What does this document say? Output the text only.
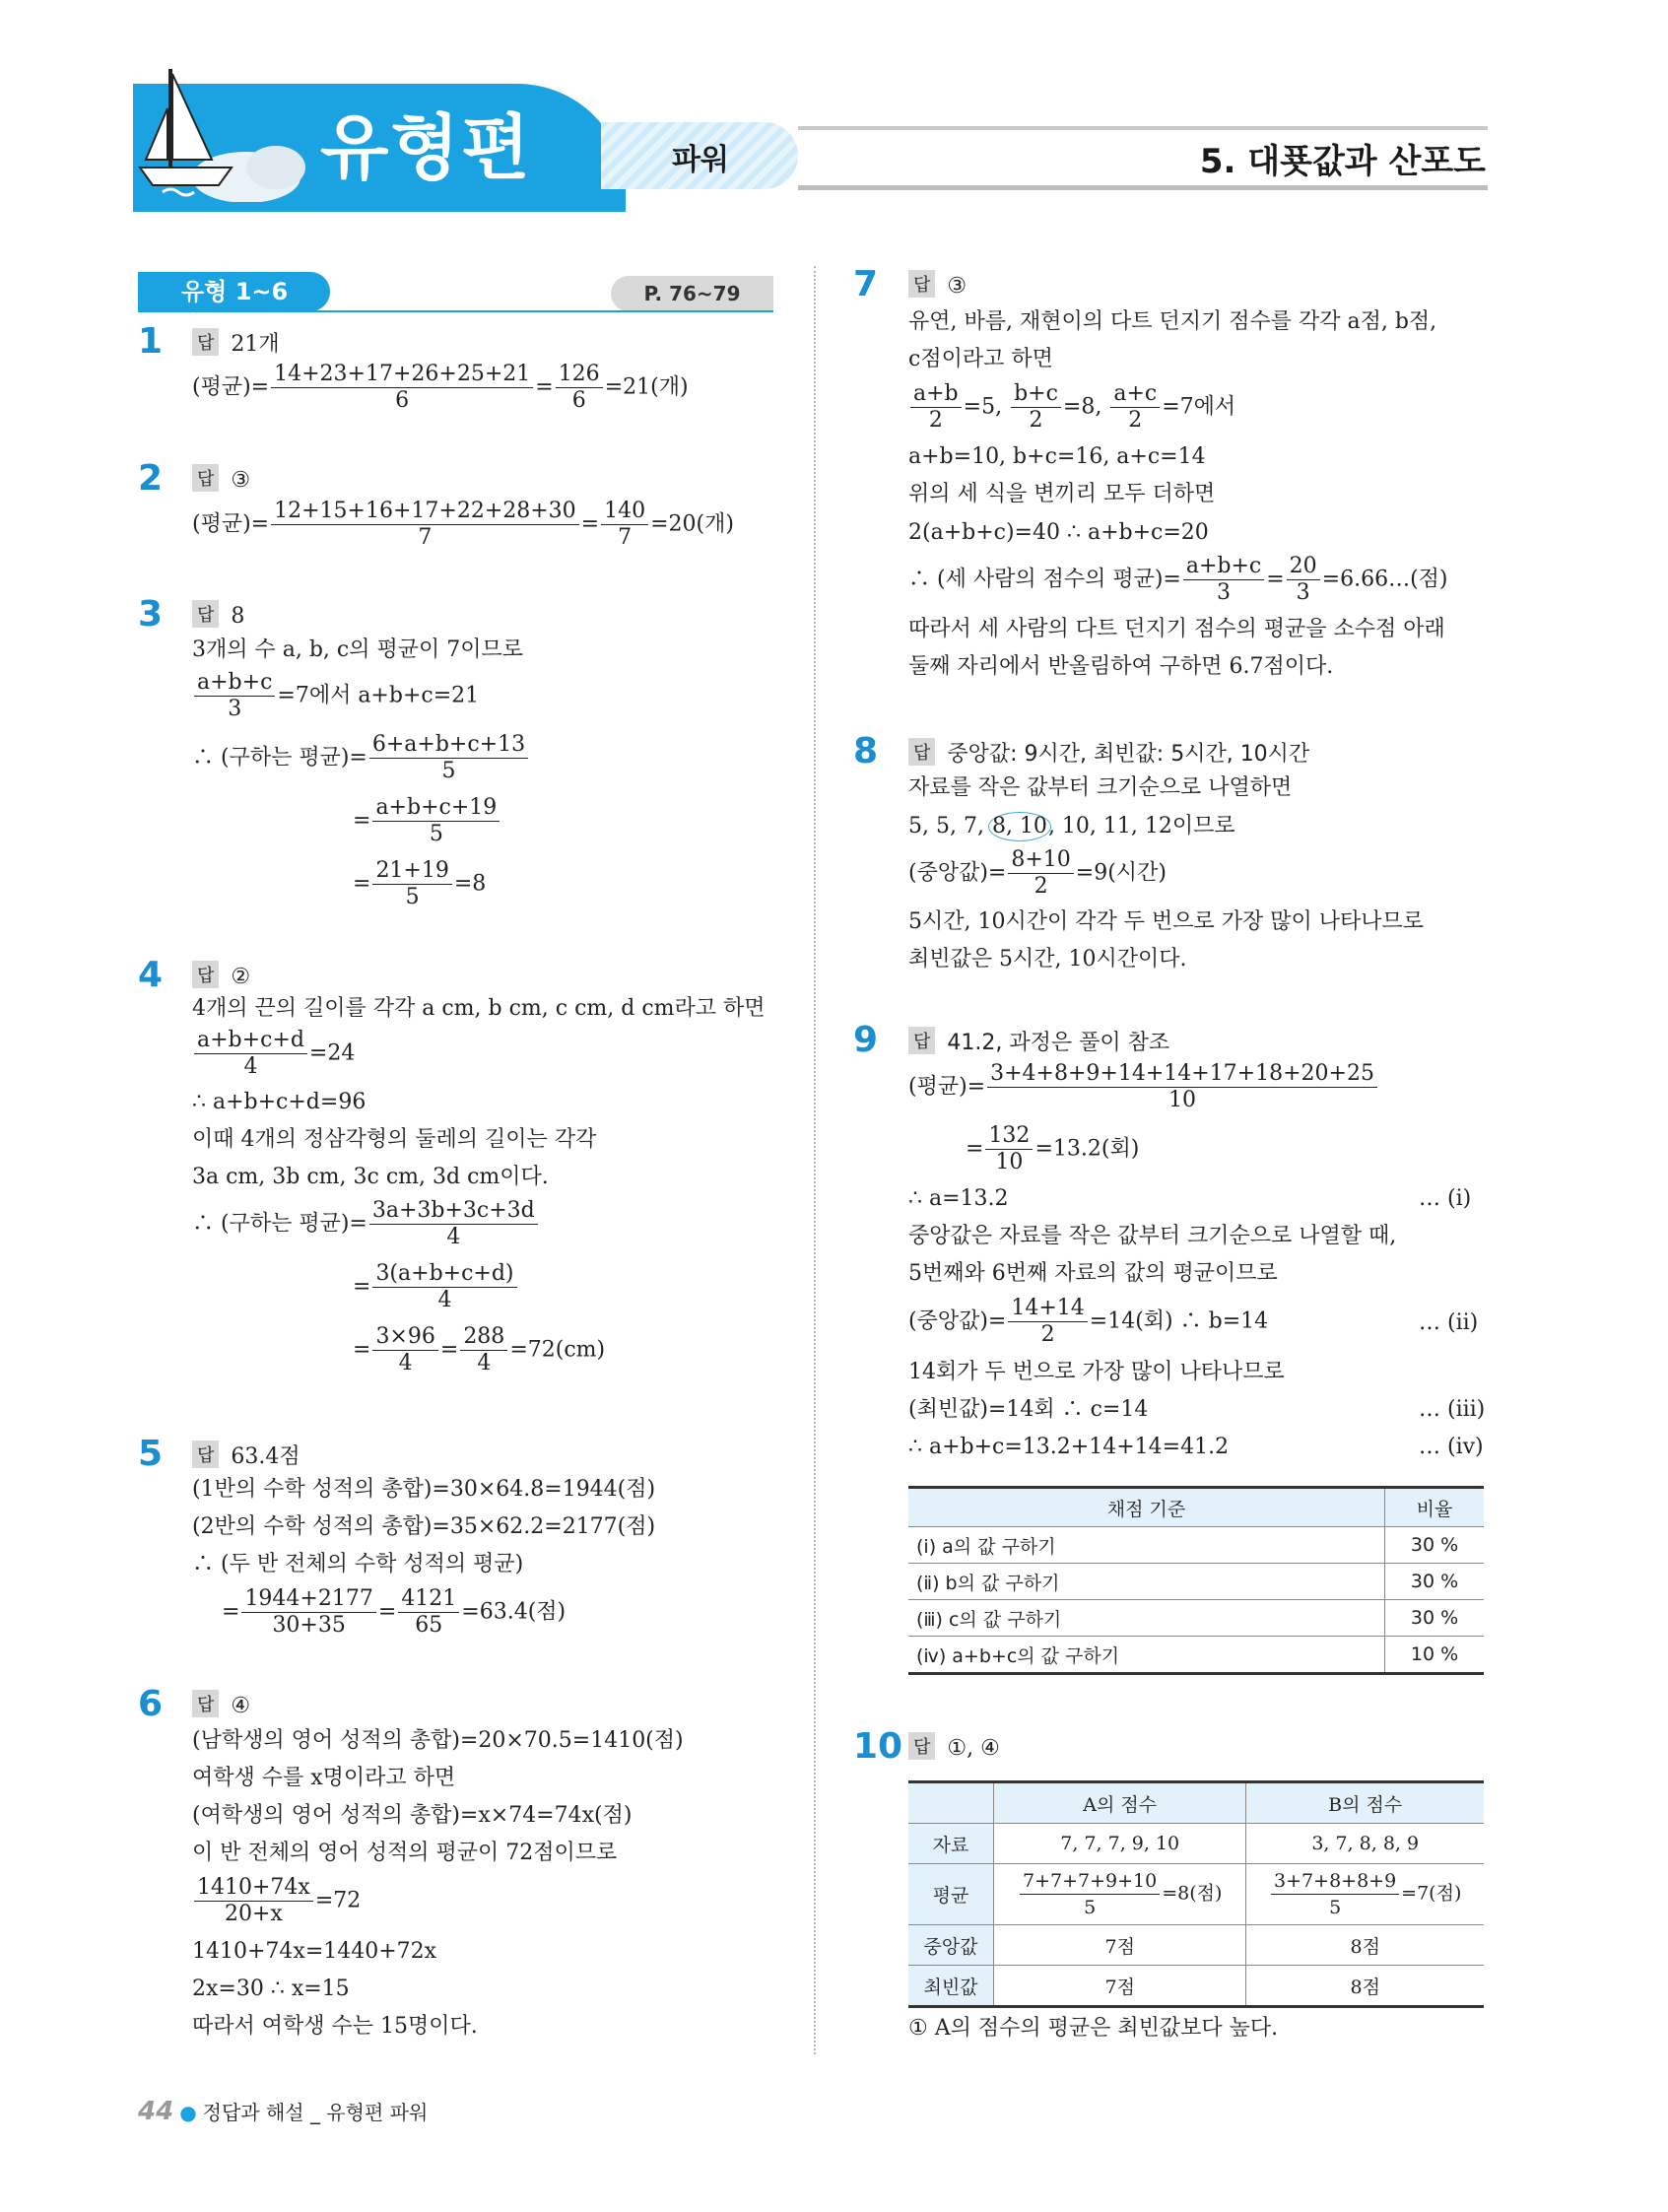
유형편	파워	5. 대푯값과 산포도
유형 1~6	P. 76~79
1 답 21개
(평균)= $\frac{14+23+17+26+25+21}{6} = \frac{126}{6} =21$(개)
2 답 ③
(평균)= $\frac{12+15+16+17+22+28+30}{7} = \frac{140}{7} =20$(개)
3 답 8
3개의 수 a, b, c의 평균이 7이므로
$\frac{a+b+c}{3} =7$에서 a+b+c=21
∴ (구하는 평균)= $\frac{6+a+b+c+13}{5}$
= $\frac{a+b+c+19}{5}$
= $\frac{21+19}{5} =8$
4 답 ②
4개의 끈의 길이를 각각 a cm, b cm, c cm, d cm라고 하면
$\frac{a+b+c+d}{4} =24$
∴ a+b+c+d=96
이때 4개의 정삼각형의 둘레의 길이는 각각
3a cm, 3b cm, 3c cm, 3d cm이다.
∴ (구하는 평균)= $\frac{3a+3b+3c+3d}{4}$
= $\frac{3(a+b+c+d)}{4}$
= $\frac{3\times 96}{4} = \frac{288}{4} =72(cm)$
5 답 63.4점
(1반의 수학 성적의 총합)=30×64.8=1944(점)
(2반의 수학 성적의 총합)=35×62.2=2177(점)
∴ (두 반 전체의 수학 성적의 평균)
= $\frac{1944+2177}{30+35} = \frac{4121}{65} =63.4$(점)
6 답 ④
(남학생의 영어 성적의 총합)=20×70.5=1410(점)
여학생 수를 x명이라고 하면
(여학생의 영어 성적의 총합)=x×74=74x(점)
이 반 전체의 영어 성적의 평균이 72점이므로
$\frac{1410+74x}{20+x} =72$
1410+74x=1440+72x
2x=30 ∴ x=15
따라서 여학생 수는 15명이다.
7 답 ③
유연, 바름, 재현이의 다트 던지기 점수를 각각 a점, b점,
c점이라고 하면
$\frac{a+b}{2} =5$, $\frac{b+c}{2} =8$, $\frac{a+c}{2} =7$에서
a+b=10, b+c=16, a+c=14
위의 세 식을 변끼리 모두 더하면
2(a+b+c)=40 ∴ a+b+c=20
∴ (세 사람의 점수의 평균)= $\frac{a+b+c}{3} = \frac{20}{3}$ =6.66…(점)
따라서 세 사람의 다트 던지기 점수의 평균을 소수점 아래
둘째 자리에서 반올림하여 구하면 6.7점이다.
8 답 중앙값: 9시간, 최빈값: 5시간, 10시간
자료를 작은 값부터 크기순으로 나열하면
5, 5, 7, 8, 10, 10, 11, 12이므로
(중앙값)= $\frac{8+10}{2} =9$(시간)
5시간, 10시간이 각각 두 번으로 가장 많이 나타나므로
최빈값은 5시간, 10시간이다.
9 답 41.2, 과정은 풀이 참조
(평균)= $\frac{3+4+8+9+14+14+17+18+20+25}{10}$
= $\frac{132}{10} =13.2$(회)
∴ a=13.2	… (ⅰ)
중앙값은 자료를 작은 값부터 크기순으로 나열할 때,
5번째와 6번째 자료의 값의 평균이므로
(중앙값)= $\frac{14+14}{2} =14$(회) ∴ b=14	… (ⅱ)
14회가 두 번으로 가장 많이 나타나므로
(최빈값)=14회 ∴ c=14	… (ⅲ)
∴ a+b+c=13.2+14+14=41.2	… (ⅳ)
채점 기준	비율
(ⅰ) a의 값 구하기	30 %
(ⅱ) b의 값 구하기	30 %
(ⅲ) c의 값 구하기	30 %
(ⅳ) a+b+c의 값 구하기	10 %
10 답 ①, ④
	A의 점수	B의 점수
자료	7, 7, 7, 9, 10	3, 7, 8, 8, 9
평균	$\frac{7+7+7+9+10}{5} =8$(점)	$\frac{3+7+8+8+9}{5} =7$(점)
중앙값	7점	8점
최빈값	7점	8점
① A의 점수의 평균은 최빈값보다 높다.
44 ● 정답과 해설 _ 유형편 파워
